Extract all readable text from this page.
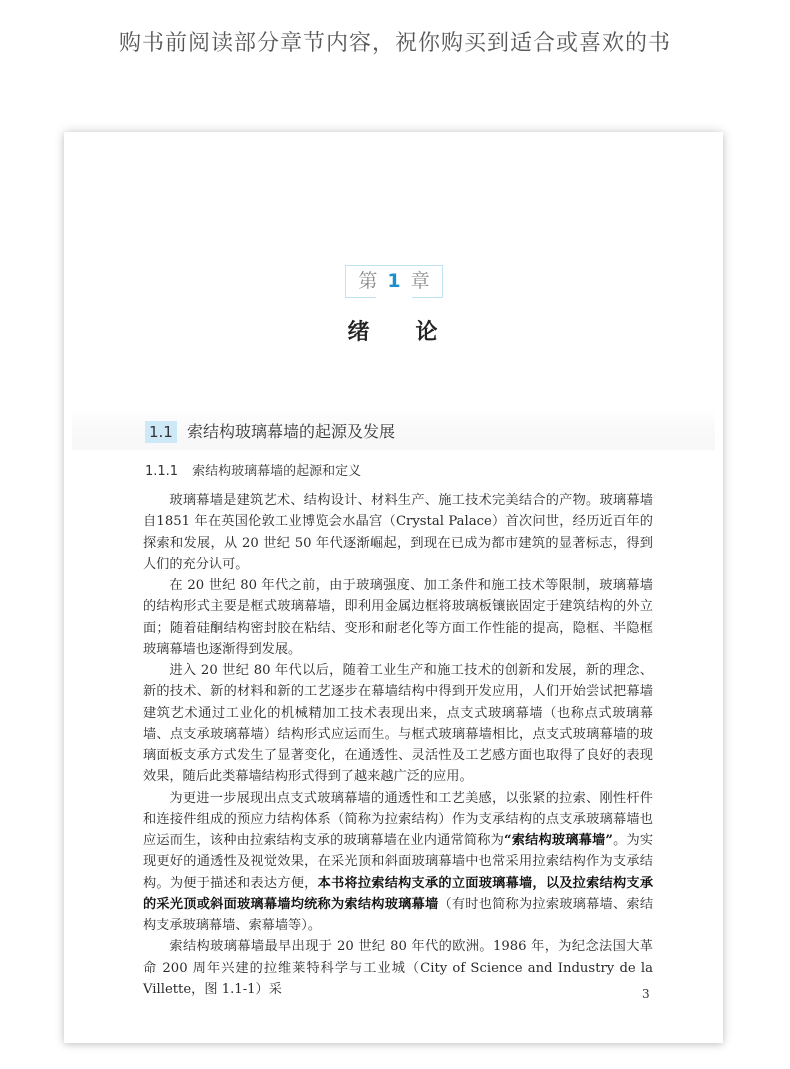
购书前阅读部分章节内容，祝你购买到适合或喜欢的书
第 1 章
绪 论
1.1 索结构玻璃幕墙的起源及发展
1.1.1 索结构玻璃幕墙的起源和定义

玻璃幕墙是建筑艺术、结构设计、材料生产、施工技术完美结合的产物。玻璃幕墙自1851 年在英国伦敦工业博览会水晶宫（Crystal Palace）首次问世，经历近百年的探索和发展，从 20 世纪 50 年代逐渐崛起，到现在已成为都市建筑的显著标志，得到人们的充分认可。

在 20 世纪 80 年代之前，由于玻璃强度、加工条件和施工技术等限制，玻璃幕墙的结构形式主要是框式玻璃幕墙，即利用金属边框将玻璃板镶嵌固定于建筑结构的外立面；随着硅酮结构密封胶在粘结、变形和耐老化等方面工作性能的提高，隐框、半隐框玻璃幕墙也逐渐得到发展。

进入 20 世纪 80 年代以后，随着工业生产和施工技术的创新和发展，新的理念、新的技术、新的材料和新的工艺逐步在幕墙结构中得到开发应用，人们开始尝试把幕墙建筑艺术通过工业化的机械精加工技术表现出来，点支式玻璃幕墙（也称点式玻璃幕墙、点支承玻璃幕墙）结构形式应运而生。与框式玻璃幕墙相比，点支式玻璃幕墙的玻璃面板支承方式发生了显著变化，在通透性、灵活性及工艺感方面也取得了良好的表现效果，随后此类幕墙结构形式得到了越来越广泛的应用。

为更进一步展现出点支式玻璃幕墙的通透性和工艺美感，以张紧的拉索、刚性杆件和连接件组成的预应力结构体系（简称为拉索结构）作为支承结构的点支承玻璃幕墙也应运而生，该种由拉索结构支承的玻璃幕墙在业内通常简称为“索结构玻璃幕墙”。为实现更好的通透性及视觉效果，在采光顶和斜面玻璃幕墙中也常采用拉索结构作为支承结构。为便于描述和表达方便，本书将拉索结构支承的立面玻璃幕墙，以及拉索结构支承的采光顶或斜面玻璃幕墙均统称为索结构玻璃幕墙（有时也简称为拉索玻璃幕墙、索结构支承玻璃幕墙、索幕墙等）。

索结构玻璃幕墙最早出现于 20 世纪 80 年代的欧洲。1986 年，为纪念法国大革命 200 周年兴建的拉维莱特科学与工业城（City of Science and Industry de la Villette，图 1.1-1）采	3
